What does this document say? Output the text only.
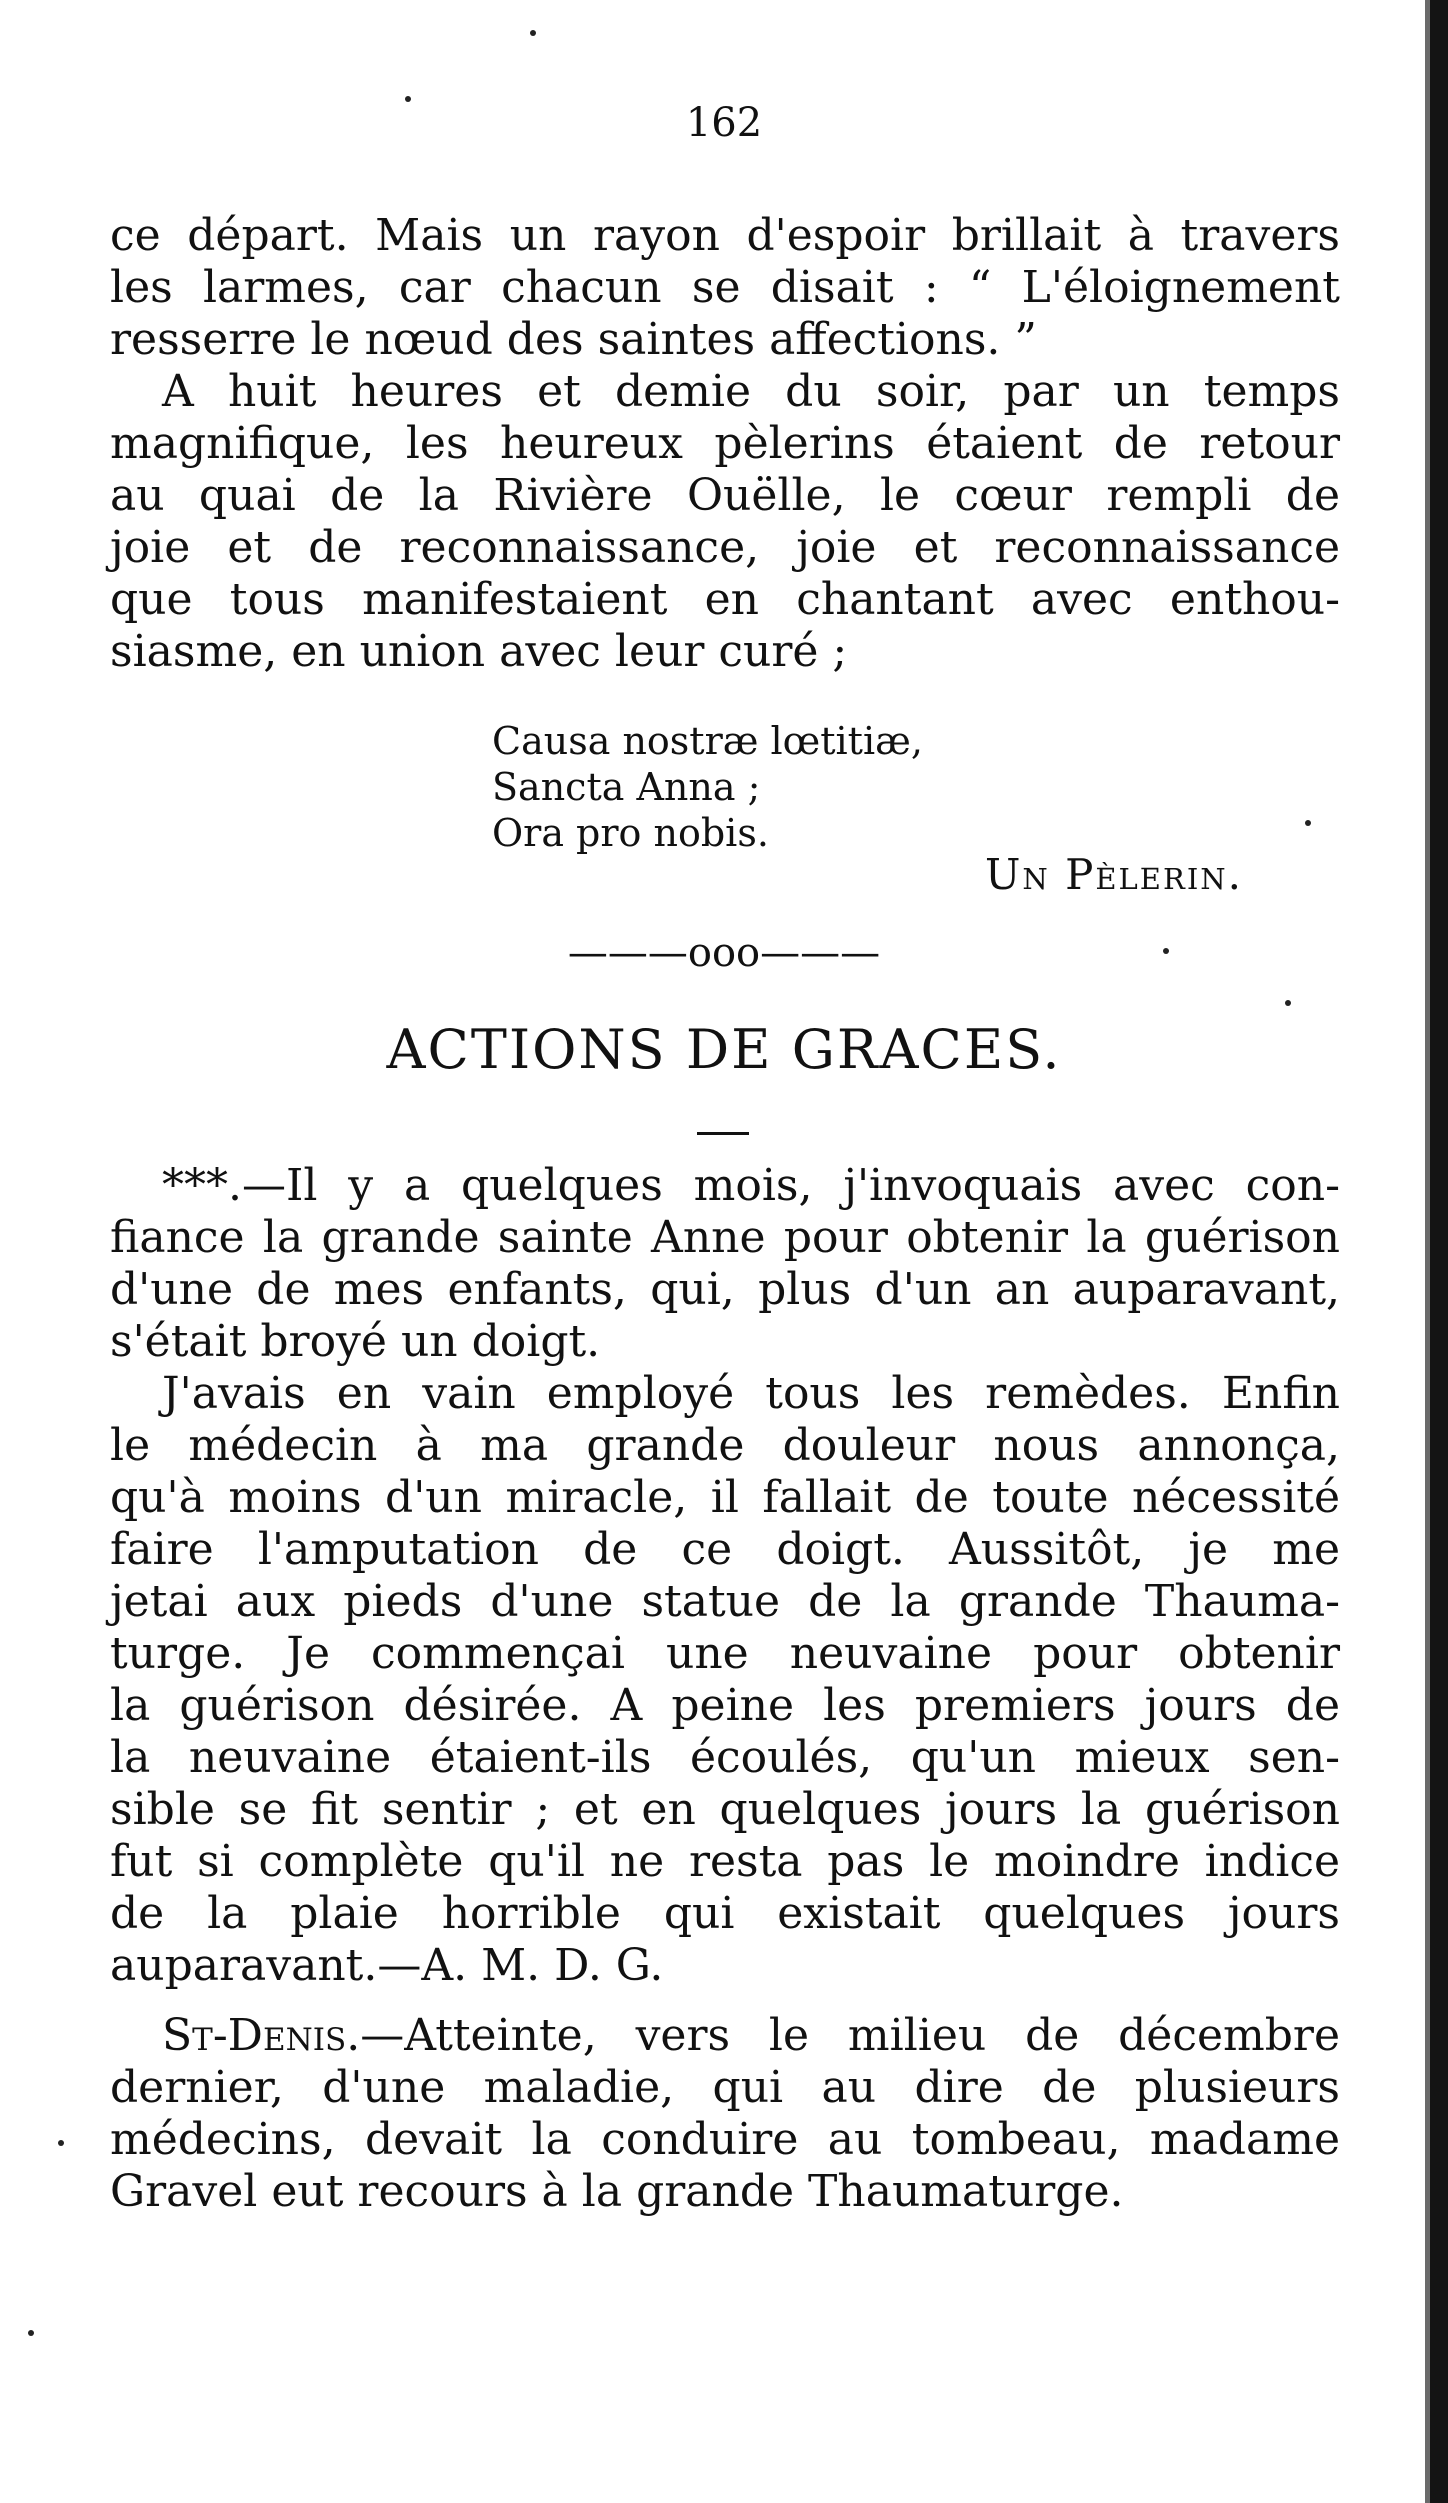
162
ce départ. Mais un rayon d'espoir brillait à travers
les larmes, car chacun se disait : “ L'éloignement
resserre le nœud des saintes affections. ”
A huit heures et demie du soir, par un temps
magnifique, les heureux pèlerins étaient de retour
au quai de la Rivière Ouëlle, le cœur rempli de
joie et de reconnaissance, joie et reconnaissance
que tous manifestaient en chantant avec enthou-
siasme, en union avec leur curé ;
Causa nostræ lœtitiæ,
Sancta Anna ;
Ora pro nobis.
Un Pèlerin.
———ooo———
ACTIONS DE GRACES.
***.—Il y a quelques mois, j'invoquais avec con-
fiance la grande sainte Anne pour obtenir la guérison
d'une de mes enfants, qui, plus d'un an auparavant,
s'était broyé un doigt.
J'avais en vain employé tous les remèdes. Enfin
le médecin à ma grande douleur nous annonça,
qu'à moins d'un miracle, il fallait de toute nécessité
faire l'amputation de ce doigt. Aussitôt, je me
jetai aux pieds d'une statue de la grande Thauma-
turge. Je commençai une neuvaine pour obtenir
la guérison désirée. A peine les premiers jours de
la neuvaine étaient-ils écoulés, qu'un mieux sen-
sible se fit sentir ; et en quelques jours la guérison
fut si complète qu'il ne resta pas le moindre indice
de la plaie horrible qui existait quelques jours
auparavant.—A. M. D. G.
St-Denis.—Atteinte, vers le milieu de décembre
dernier, d'une maladie, qui au dire de plusieurs
médecins, devait la conduire au tombeau, madame
Gravel eut recours à la grande Thaumaturge.
